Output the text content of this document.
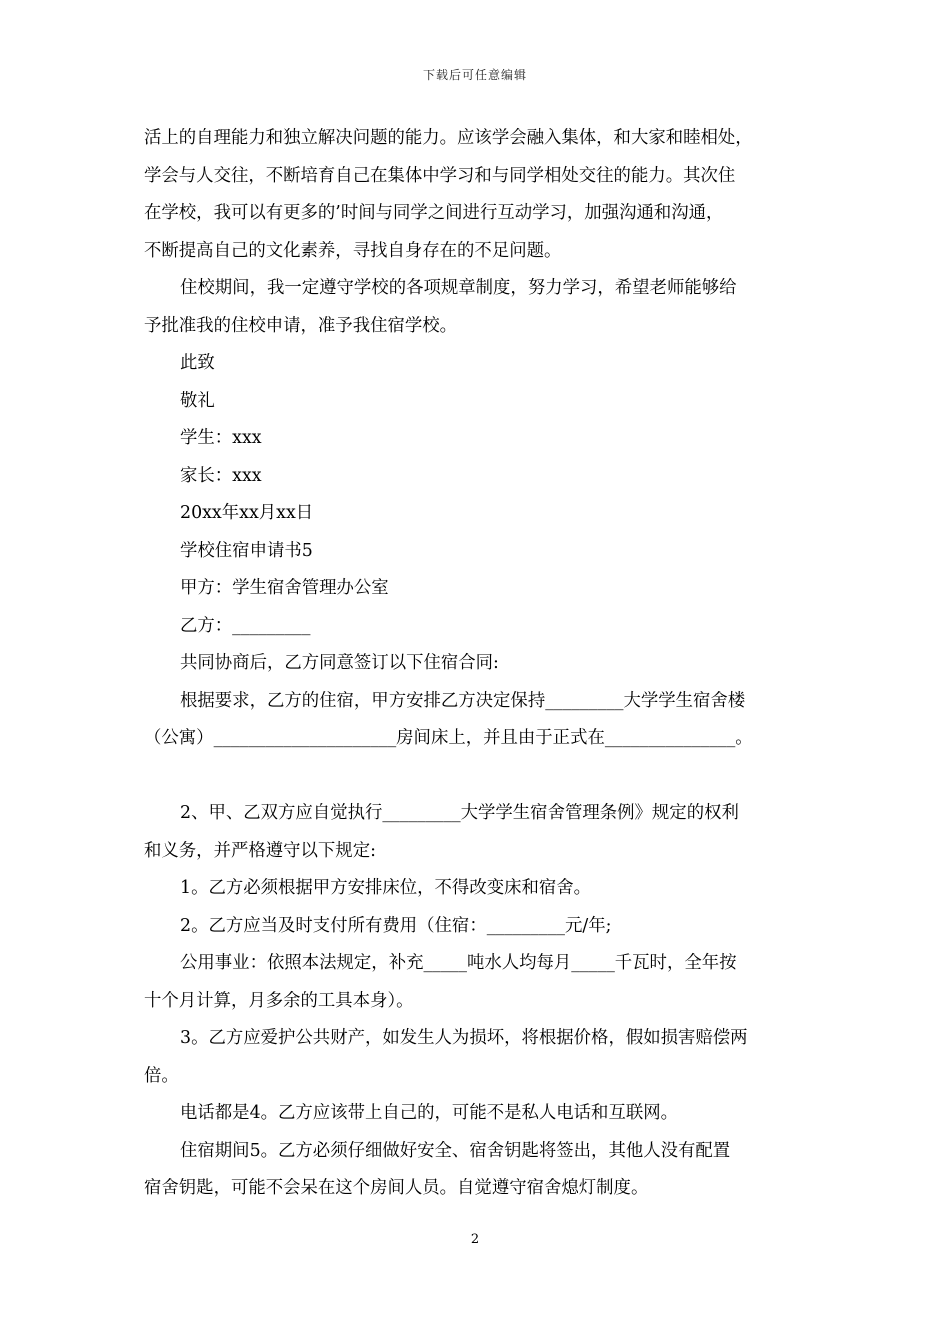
下载后可任意编辑

活上的自理能力和独立解决问题的能力。应该学会融入集体，和大家和睦相处，

学会与人交往，不断培育自己在集体中学习和与同学相处交往的能力。其次住

在学校，我可以有更多的’时间与同学之间进行互动学习，加强沟通和沟通，

不断提高自己的文化素养，寻找自身存在的不足问题。

住校期间，我一定遵守学校的各项规章制度，努力学习，希望老师能够给

予批准我的住校申请，准予我住宿学校。

此致

敬礼

学生：xxx

家长：xxx

20xx年xx月xx日

学校住宿申请书5

甲方：学生宿舍管理办公室

乙方：_________

共同协商后，乙方同意签订以下住宿合同:

根据要求，乙方的住宿，甲方安排乙方决定保持_________大学学生宿舍楼

（公寓）_____________________房间床上，并且由于正式在_______________。

2、甲、乙双方应自觉执行_________大学学生宿舍管理条例》规定的权利

和义务，并严格遵守以下规定:

1。乙方必须根据甲方安排床位，不得改变床和宿舍。

2。乙方应当及时支付所有费用（住宿：_________元/年;

公用事业：依照本法规定，补充_____吨水人均每月_____千瓦时，全年按

十个月计算，月多余的工具本身）。

3。乙方应爱护公共财产，如发生人为损坏，将根据价格，假如损害赔偿两

倍。

电话都是4。乙方应该带上自己的，可能不是私人电话和互联网。

住宿期间5。乙方必须仔细做好安全、宿舍钥匙将签出，其他人没有配置

宿舍钥匙，可能不会呆在这个房间人员。自觉遵守宿舍熄灯制度。

2
